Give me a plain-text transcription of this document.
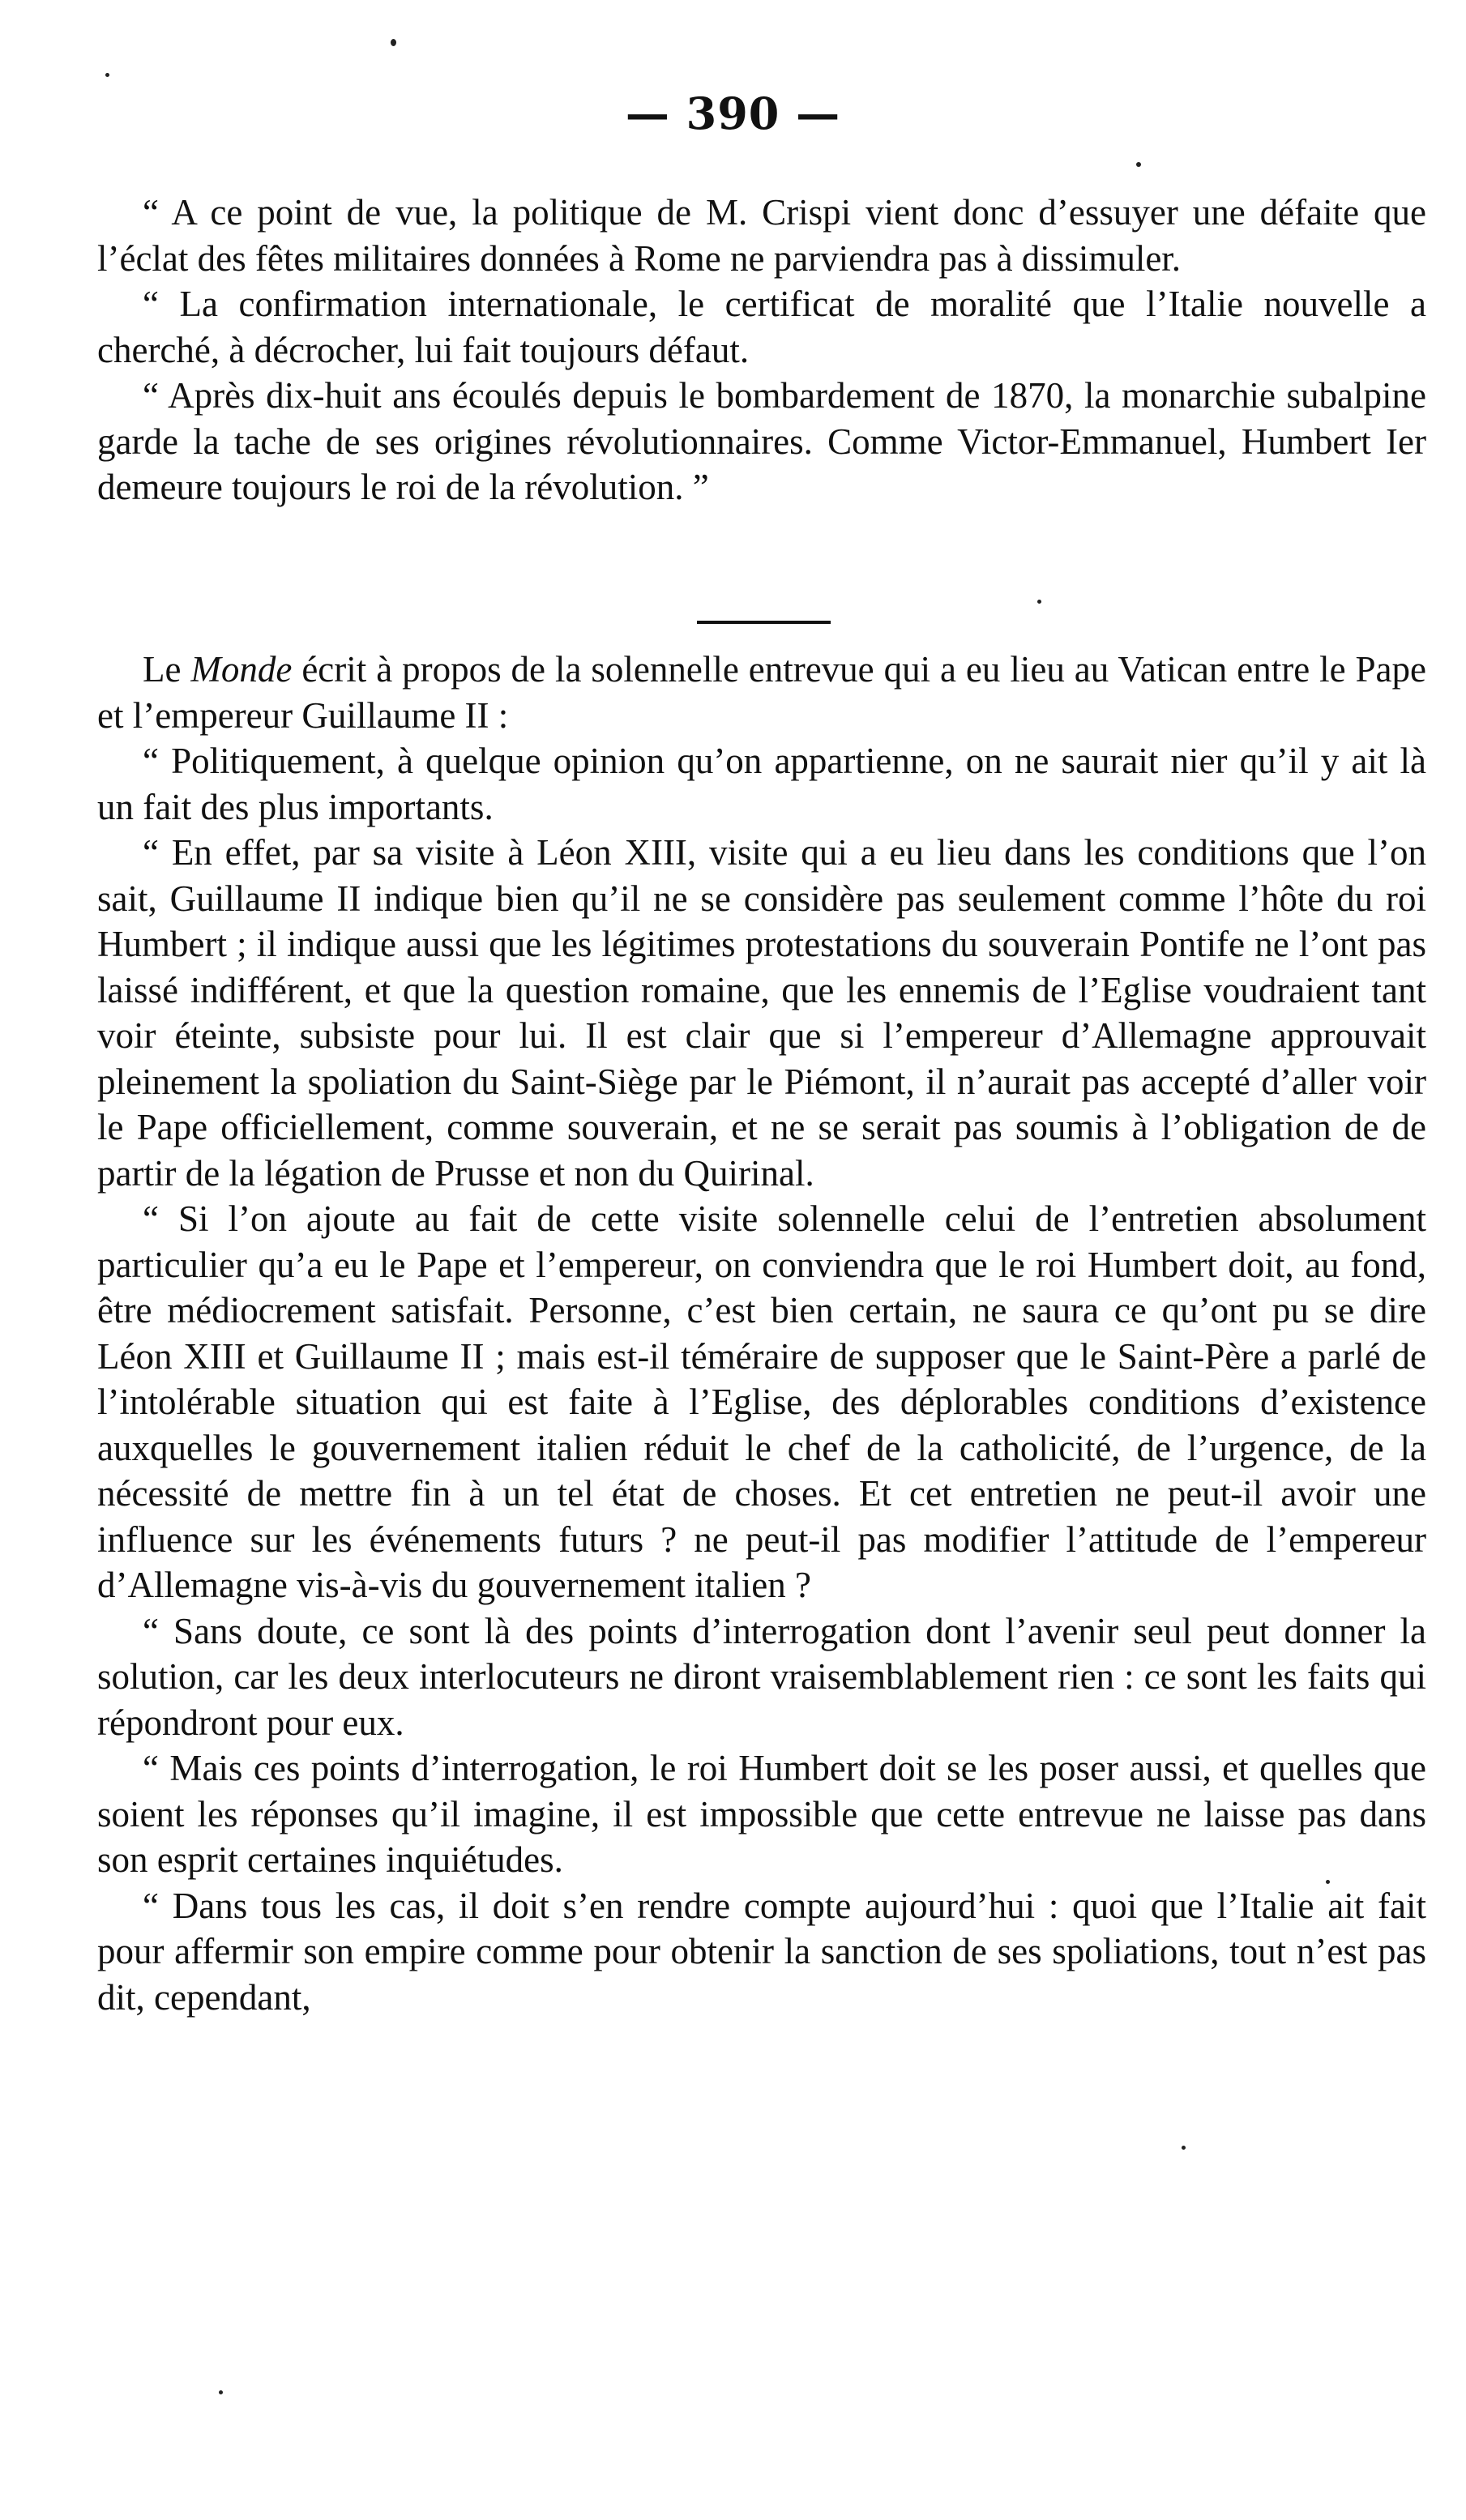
— 390 —

“ A ce point de vue, la politique de M. Crispi vient donc d’essuyer une défaite que l’éclat des fêtes militaires données à Rome ne parviendra pas à dissimuler.

“ La confirmation internationale, le certificat de moralité que l’Italie nouvelle a cherché, à décrocher, lui fait toujours défaut.

“ Après dix-huit ans écoulés depuis le bombardement de 1870, la monarchie subalpine garde la tache de ses origines révolutionnaires. Comme Victor-Emmanuel, Humbert Ier demeure toujours le roi de la révolution. ”

Le Monde écrit à propos de la solennelle entrevue qui a eu lieu au Vatican entre le Pape et l’empereur Guillaume II :

“ Politiquement, à quelque opinion qu’on appartienne, on ne saurait nier qu’il y ait là un fait des plus importants.

“ En effet, par sa visite à Léon XIII, visite qui a eu lieu dans les conditions que l’on sait, Guillaume II indique bien qu’il ne se considère pas seulement comme l’hôte du roi Humbert ; il indique aussi que les légitimes protestations du souverain Pontife ne l’ont pas laissé indifférent, et que la question romaine, que les ennemis de l’Eglise voudraient tant voir éteinte, subsiste pour lui. Il est clair que si l’empereur d’Allemagne approuvait pleinement la spoliation du Saint-Siège par le Piémont, il n’aurait pas accepté d’aller voir le Pape officiellement, comme souverain, et ne se serait pas soumis à l’obligation de de partir de la légation de Prusse et non du Quirinal.

“ Si l’on ajoute au fait de cette visite solennelle celui de l’entretien absolument particulier qu’a eu le Pape et l’empereur, on conviendra que le roi Humbert doit, au fond, être médiocrement satisfait. Personne, c’est bien certain, ne saura ce qu’ont pu se dire Léon XIII et Guillaume II ; mais est-il téméraire de supposer que le Saint-Père a parlé de l’intolérable situation qui est faite à l’Eglise, des déplorables conditions d’existence auxquelles le gouvernement italien réduit le chef de la catholicité, de l’urgence, de la nécessité de mettre fin à un tel état de choses. Et cet entretien ne peut-il avoir une influence sur les événements futurs ? ne peut-il pas modifier l’attitude de l’empereur d’Allemagne vis-à-vis du gouvernement italien ?

“ Sans doute, ce sont là des points d’interrogation dont l’avenir seul peut donner la solution, car les deux interlocuteurs ne diront vraisemblablement rien : ce sont les faits qui répondront pour eux.

“ Mais ces points d’interrogation, le roi Humbert doit se les poser aussi, et quelles que soient les réponses qu’il imagine, il est impossible que cette entrevue ne laisse pas dans son esprit certaines inquiétudes.

“ Dans tous les cas, il doit s’en rendre compte aujourd’hui : quoi que l’Italie ait fait pour affermir son empire comme pour obtenir la sanction de ses spoliations, tout n’est pas dit, cependant,
